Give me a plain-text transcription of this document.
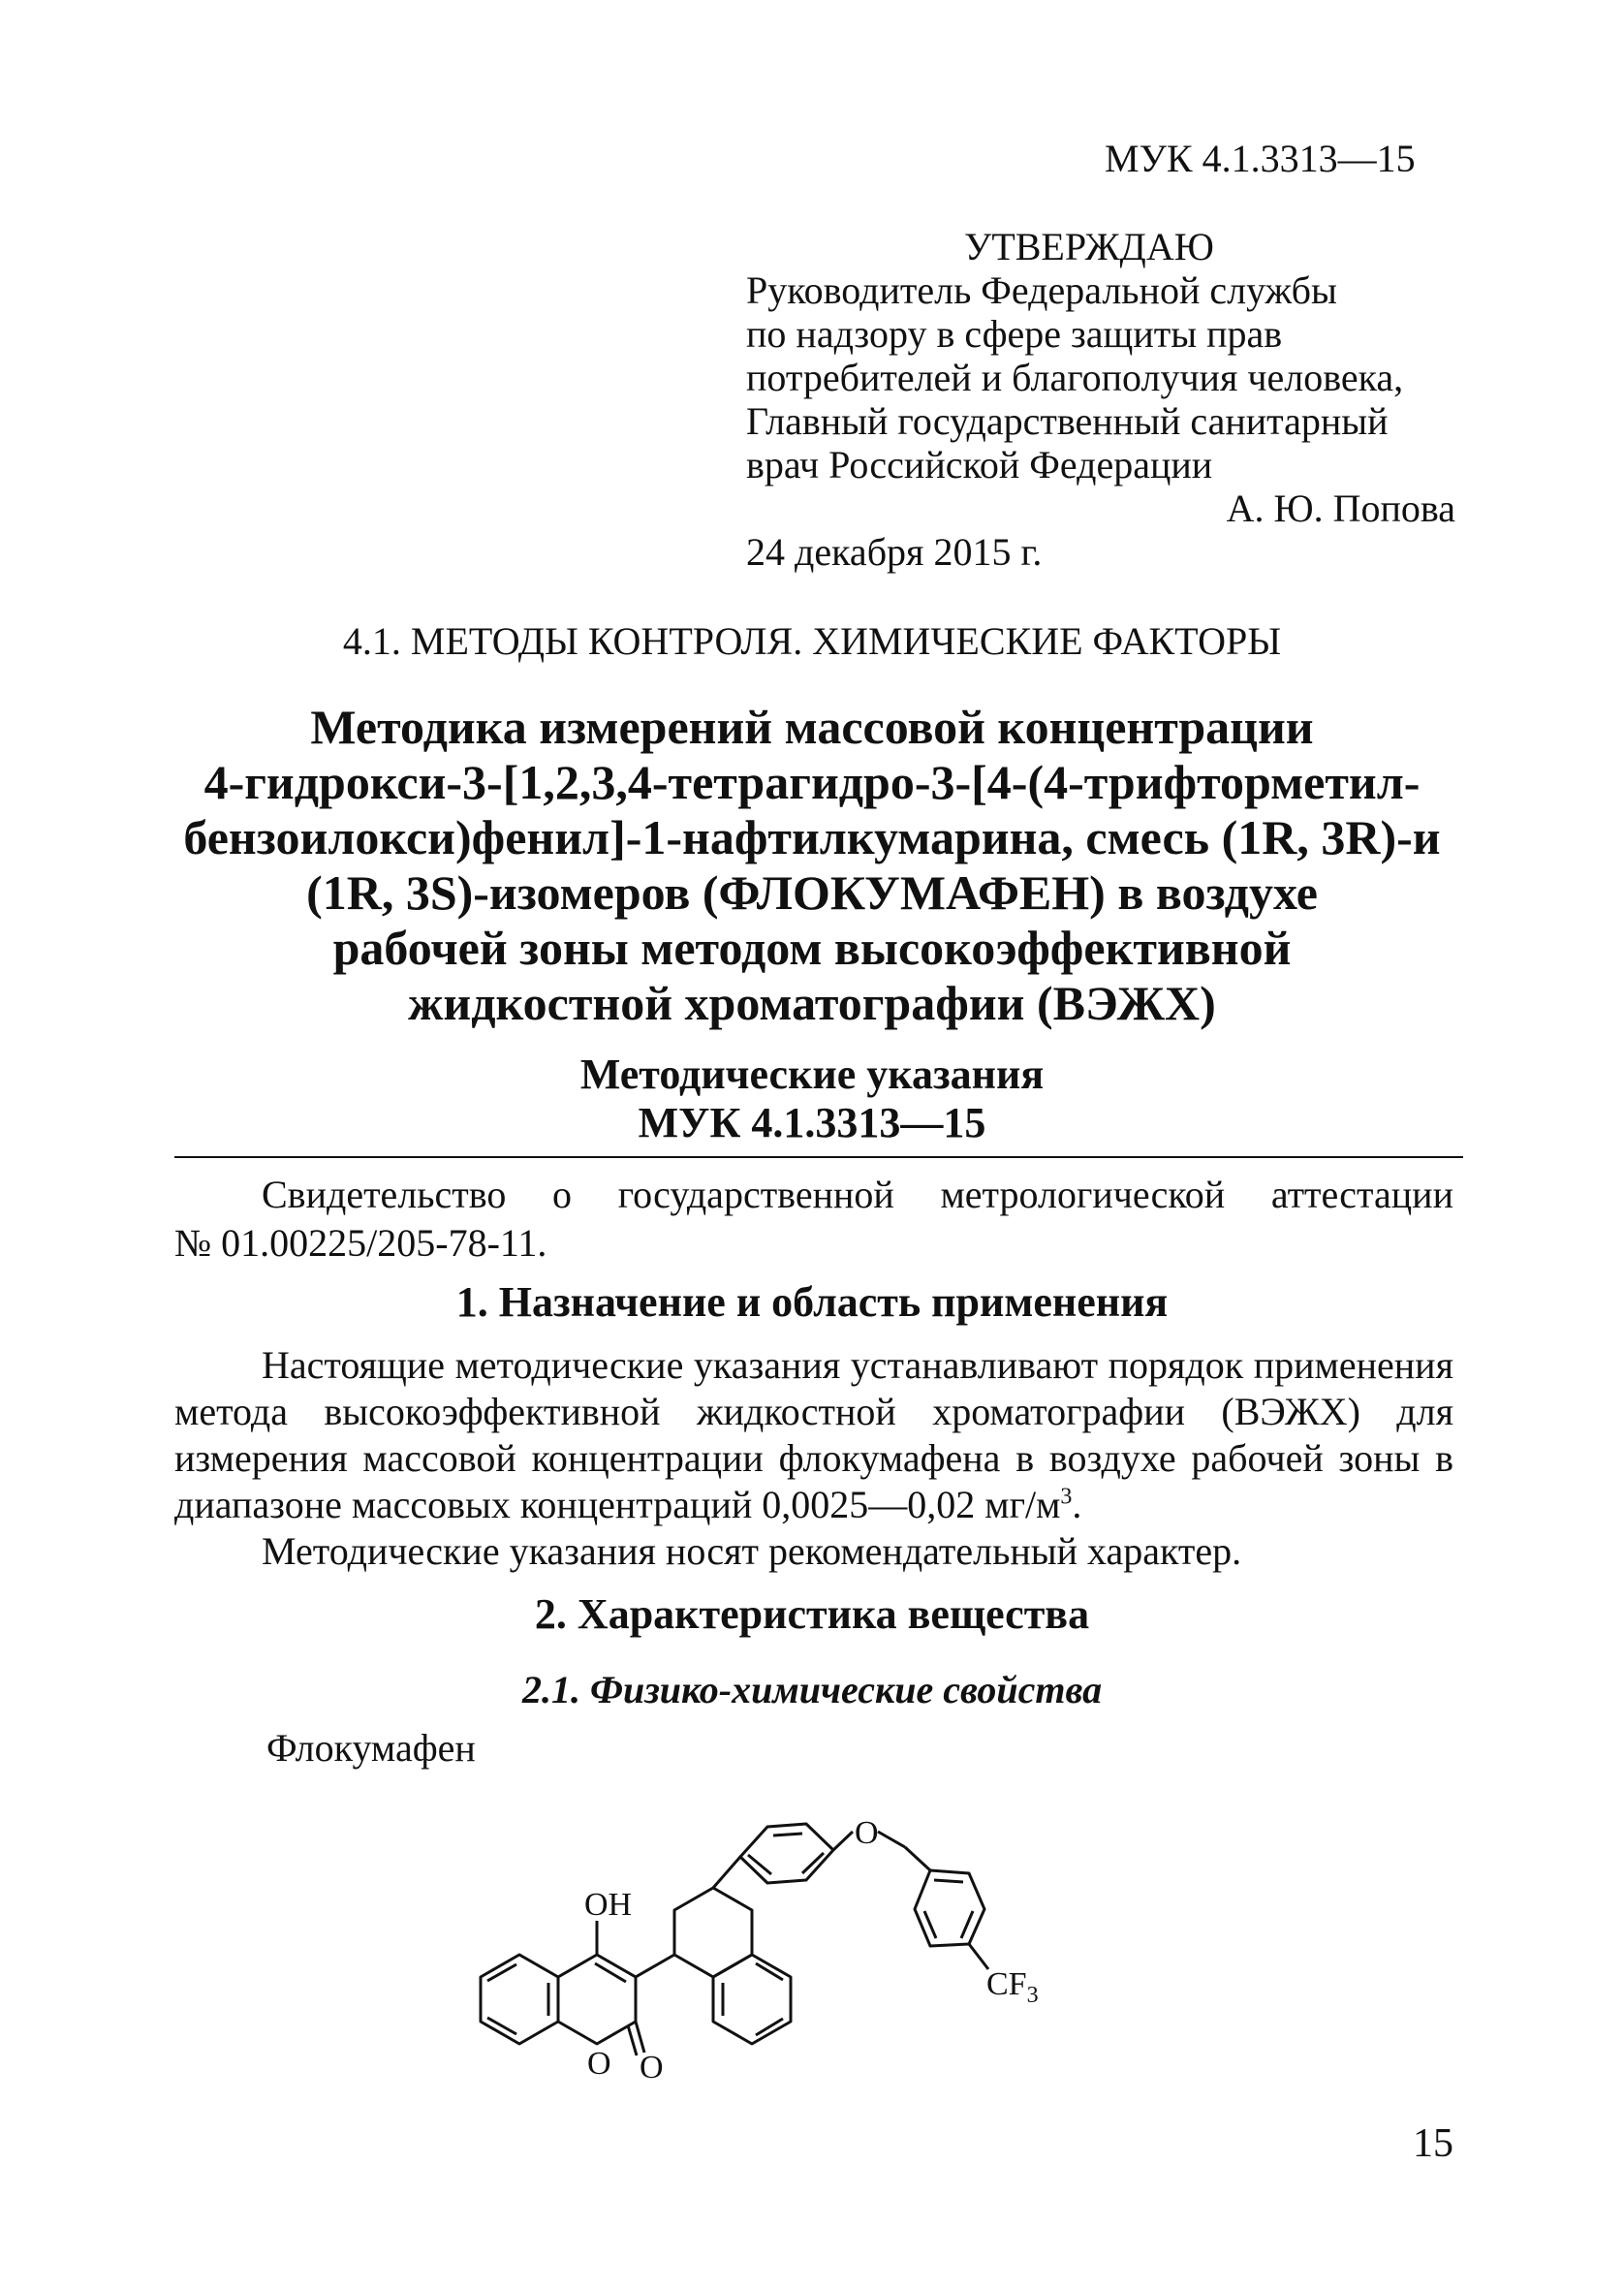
МУК 4.1.3313—15
УТВЕРЖДАЮ
Руководитель Федеральной службы
по надзору в сфере защиты прав
потребителей и благополучия человека,
Главный государственный санитарный
врач Российской Федерации
А. Ю. Попова
24 декабря 2015 г.
4.1. МЕТОДЫ КОНТРОЛЯ. ХИМИЧЕСКИЕ ФАКТОРЫ
Методика измерений массовой концентрации
4-гидрокси-3-[1,2,3,4-тетрагидро-3-[4-(4-трифторметил-
бензоилокси)фенил]-1-нафтилкумарина, смесь (1R, 3R)-и
(1R, 3S)-изомеров (ФЛОКУМАФЕН) в воздухе
рабочей зоны методом высокоэффективной
жидкостной хроматографии (ВЭЖХ)
Методические указания
МУК 4.1.3313—15
Свидетельство о государственной метрологической аттестации
№ 01.00225/205-78-11.
1. Назначение и область применения

Настоящие методические указания устанавливают порядок применения метода высокоэффективной жидкостной хроматографии (ВЭЖХ) для измерения массовой концентрации флокумафена в воздухе рабочей зоны в диапазоне массовых концентраций 0,0025—0,02 $мг/м^3$.

Методические указания носят рекомендательный характер.

2. Характеристика вещества
2.1. Физико-химические свойства
Флокумафен
OH
O O
O
$CF_3$
15
